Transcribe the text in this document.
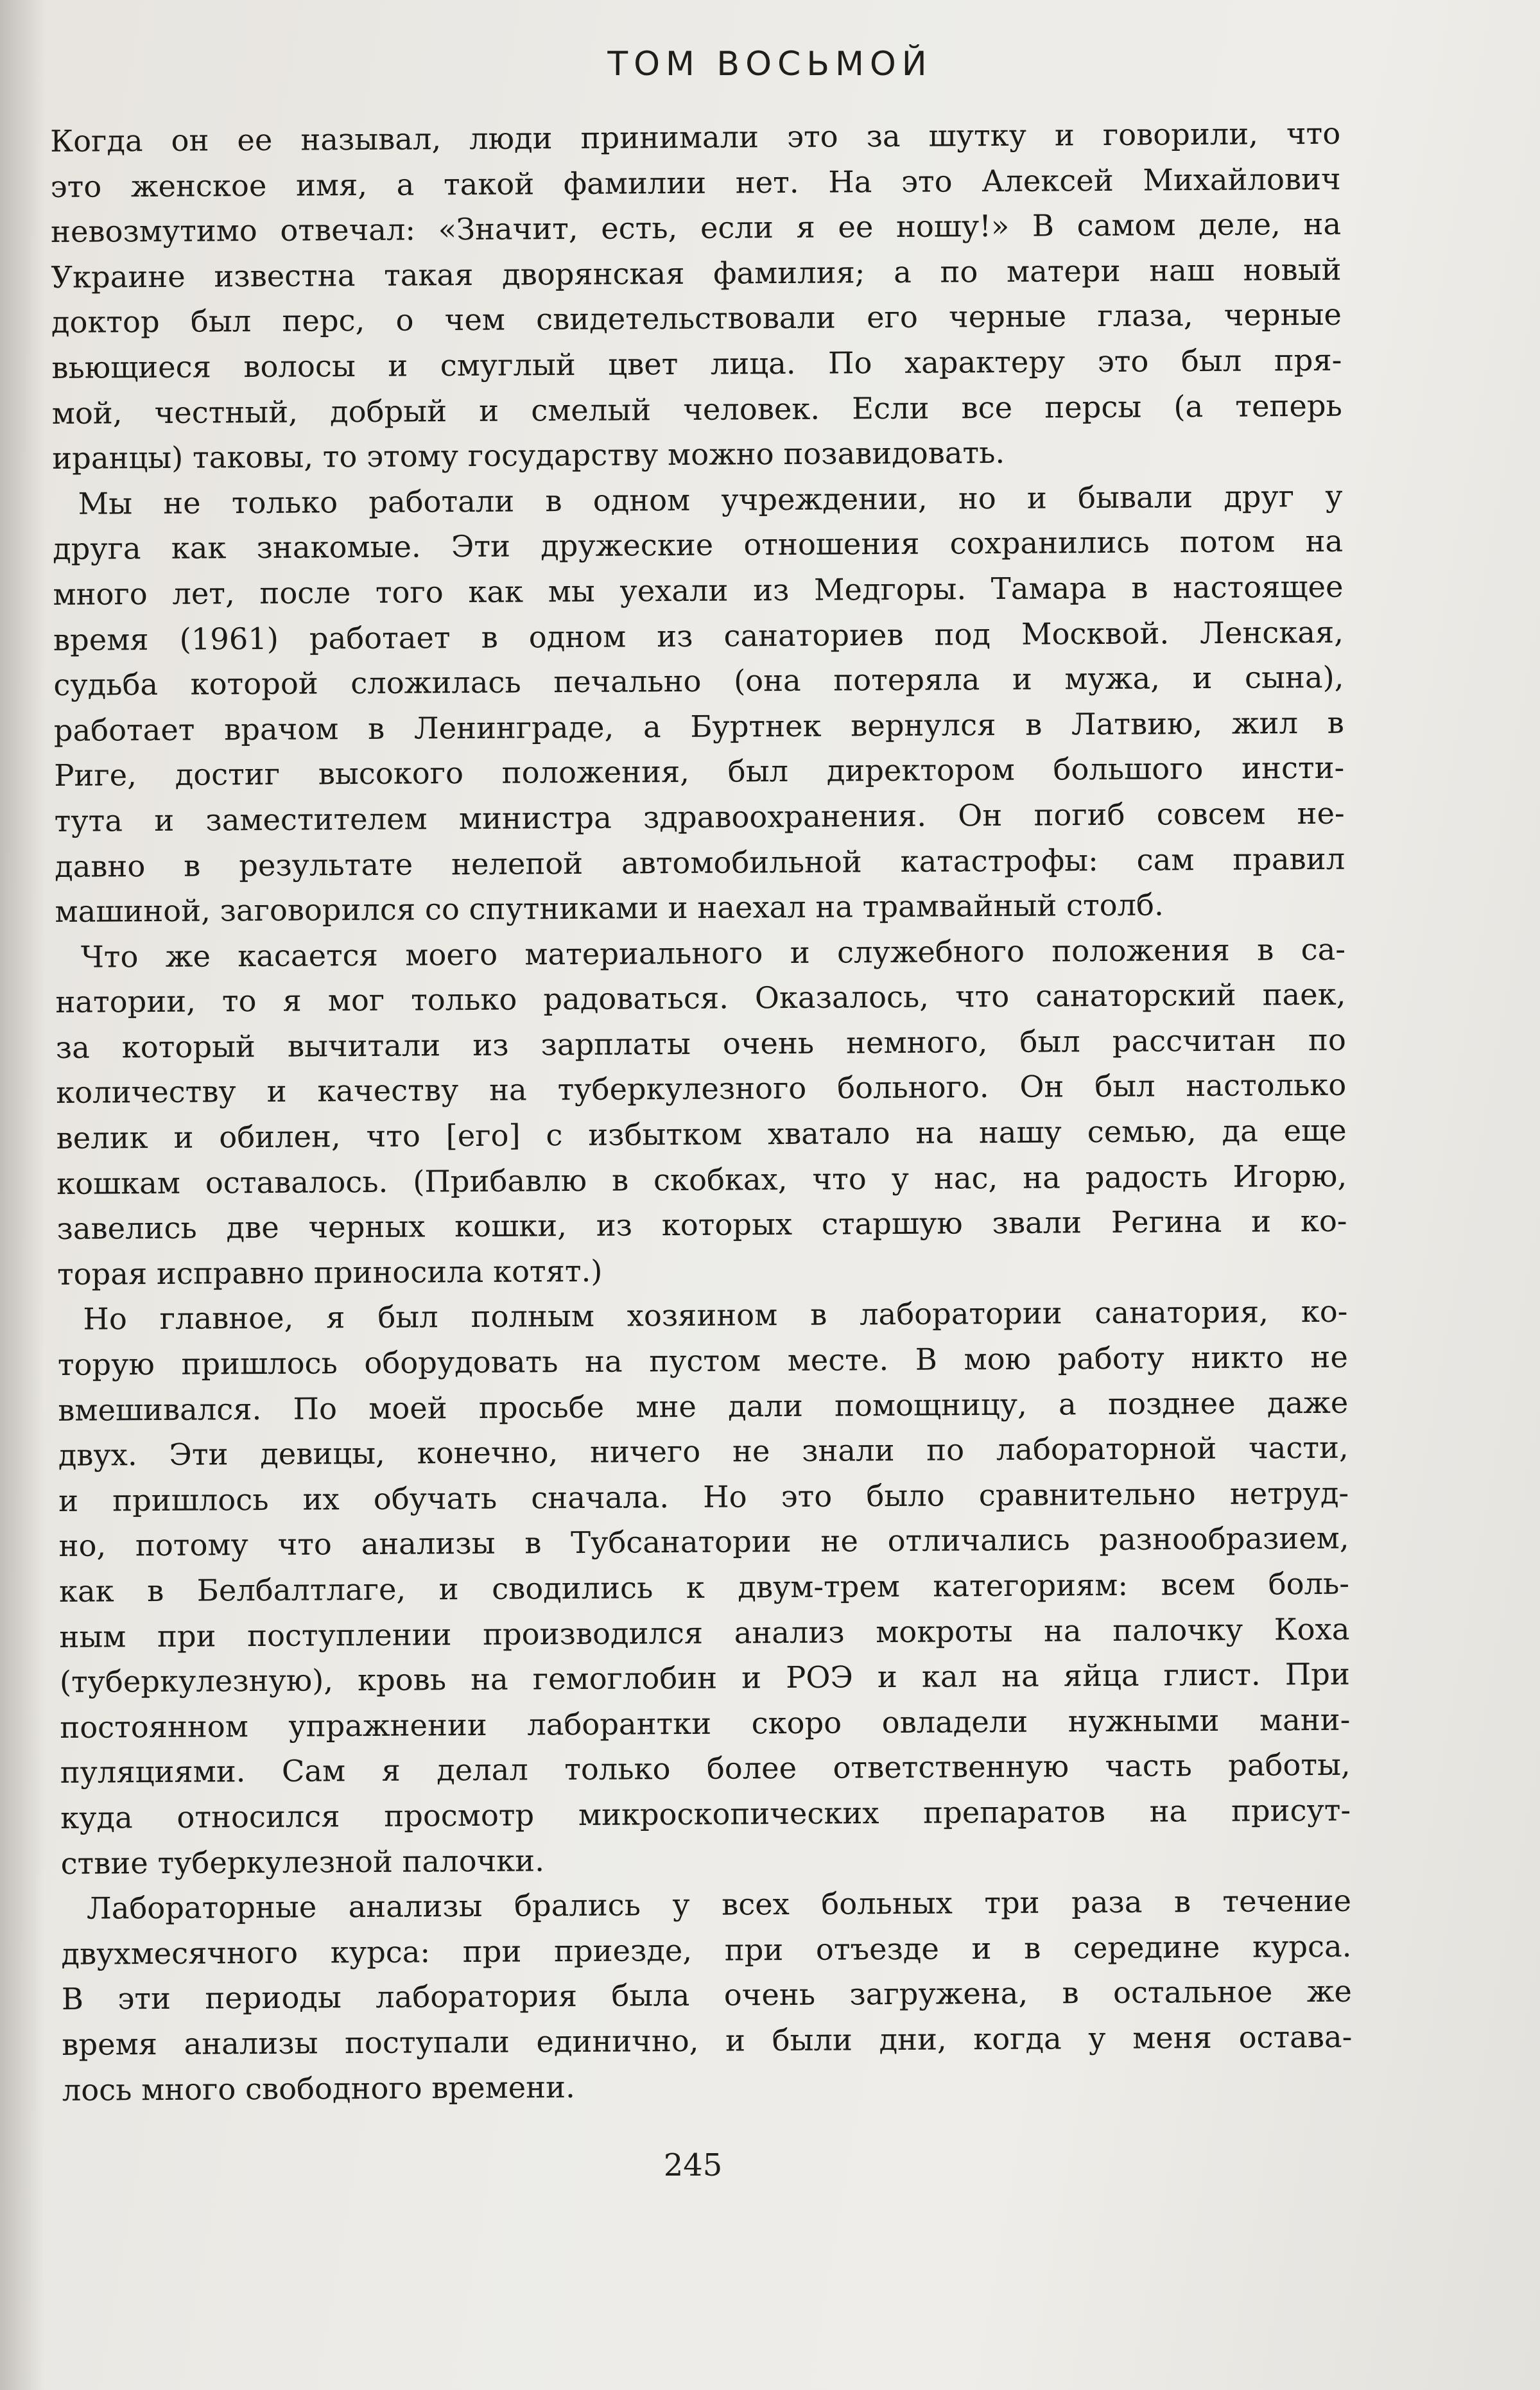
ТОМ ВОСЬМОЙ
Когда он ее называл, люди принимали это за шутку и говорили, что
это женское имя, а такой фамилии нет. На это Алексей Михайлович
невозмутимо отвечал: «Значит, есть, если я ее ношу!» В самом деле, на
Украине известна такая дворянская фамилия; а по матери наш новый
доктор был перс, о чем свидетельствовали его черные глаза, черные
вьющиеся волосы и смуглый цвет лица. По характеру это был пря-
мой, честный, добрый и смелый человек. Если все персы (а теперь
иранцы) таковы, то этому государству можно позавидовать.
Мы не только работали в одном учреждении, но и бывали друг у
друга как знакомые. Эти дружеские отношения сохранились потом на
много лет, после того как мы уехали из Медгоры. Тамара в настоящее
время (1961) работает в одном из санаториев под Москвой. Ленская,
судьба которой сложилась печально (она потеряла и мужа, и сына),
работает врачом в Ленинграде, а Буртнек вернулся в Латвию, жил в
Риге, достиг высокого положения, был директором большого инсти-
тута и заместителем министра здравоохранения. Он погиб совсем не-
давно в результате нелепой автомобильной катастрофы: сам правил
машиной, заговорился со спутниками и наехал на трамвайный столб.
Что же касается моего материального и служебного положения в са-
натории, то я мог только радоваться. Оказалось, что санаторский паек,
за который вычитали из зарплаты очень немного, был рассчитан по
количеству и качеству на туберкулезного больного. Он был настолько
велик и обилен, что [его] с избытком хватало на нашу семью, да еще
кошкам оставалось. (Прибавлю в скобках, что у нас, на радость Игорю,
завелись две черных кошки, из которых старшую звали Регина и ко-
торая исправно приносила котят.)
Но главное, я был полным хозяином в лаборатории санатория, ко-
торую пришлось оборудовать на пустом месте. В мою работу никто не
вмешивался. По моей просьбе мне дали помощницу, а позднее даже
двух. Эти девицы, конечно, ничего не знали по лабораторной части,
и пришлось их обучать сначала. Но это было сравнительно нетруд-
но, потому что анализы в Тубсанатории не отличались разнообразием,
как в Белбалтлаге, и сводились к двум-трем категориям: всем боль-
ным при поступлении производился анализ мокроты на палочку Коха
(туберкулезную), кровь на гемоглобин и РОЭ и кал на яйца глист. При
постоянном упражнении лаборантки скоро овладели нужными мани-
пуляциями. Сам я делал только более ответственную часть работы,
куда относился просмотр микроскопических препаратов на присут-
ствие туберкулезной палочки.
Лабораторные анализы брались у всех больных три раза в течение
двухмесячного курса: при приезде, при отъезде и в середине курса.
В эти периоды лаборатория была очень загружена, в остальное же
время анализы поступали единично, и были дни, когда у меня остава-
лось много свободного времени.
245
